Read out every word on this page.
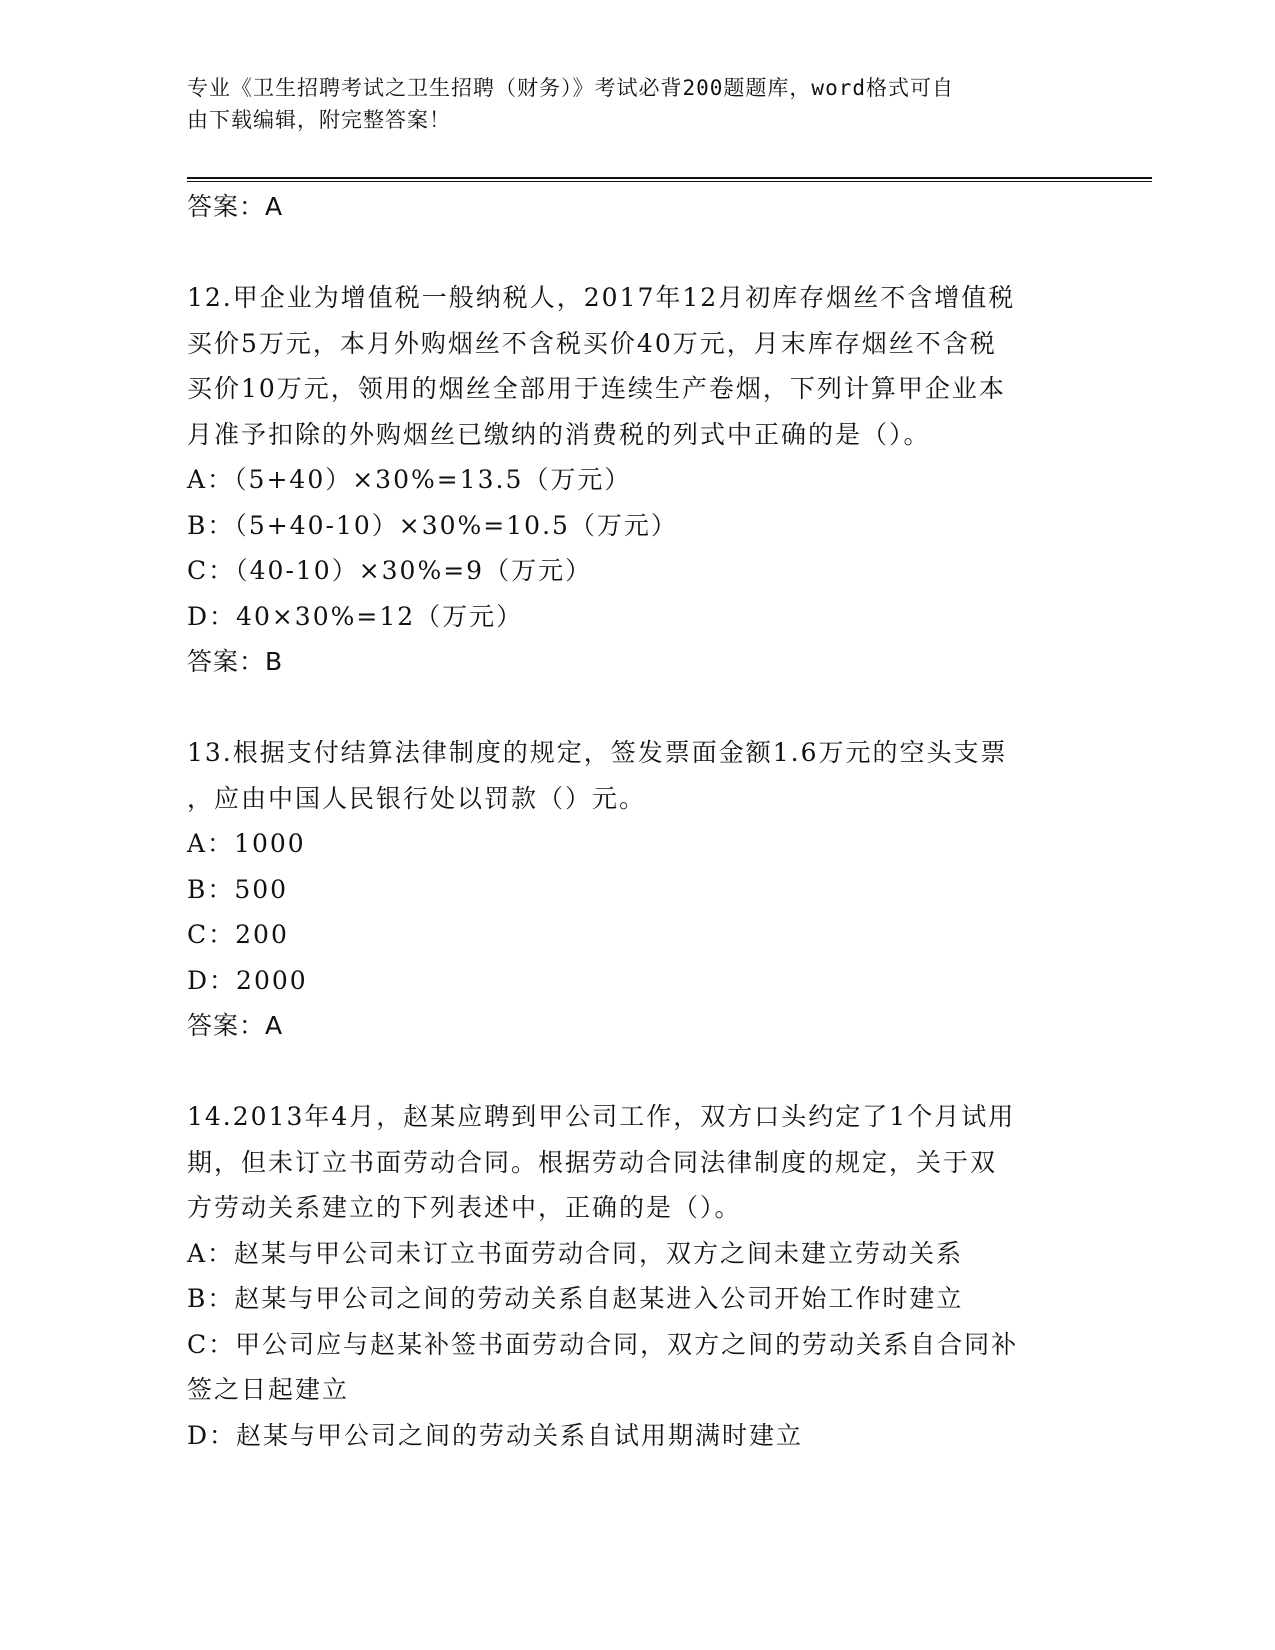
专业《卫生招聘考试之卫生招聘（财务）》考试必背200题题库，word格式可自
由下载编辑，附完整答案！
答案：A
12.甲企业为增值税一般纳税人，2017年12月初库存烟丝不含增值税
买价5万元，本月外购烟丝不含税买价40万元，月末库存烟丝不含税
买价10万元，领用的烟丝全部用于连续生产卷烟，下列计算甲企业本
月准予扣除的外购烟丝已缴纳的消费税的列式中正确的是（）。
A：（5+40）×30%=13.5（万元）
B：（5+40-10）×30%=10.5（万元）
C：（40-10）×30%=9（万元）
D：40×30%=12（万元）
答案：B
13.根据支付结算法律制度的规定，签发票面金额1.6万元的空头支票
，应由中国人民银行处以罚款（）元。
A：1000
B：500
C：200
D：2000
答案：A
14.2013年4月，赵某应聘到甲公司工作，双方口头约定了1个月试用
期，但未订立书面劳动合同。根据劳动合同法律制度的规定，关于双
方劳动关系建立的下列表述中，正确的是（）。
A：赵某与甲公司未订立书面劳动合同，双方之间未建立劳动关系
B：赵某与甲公司之间的劳动关系自赵某进入公司开始工作时建立
C：甲公司应与赵某补签书面劳动合同，双方之间的劳动关系自合同补
签之日起建立
D：赵某与甲公司之间的劳动关系自试用期满时建立
